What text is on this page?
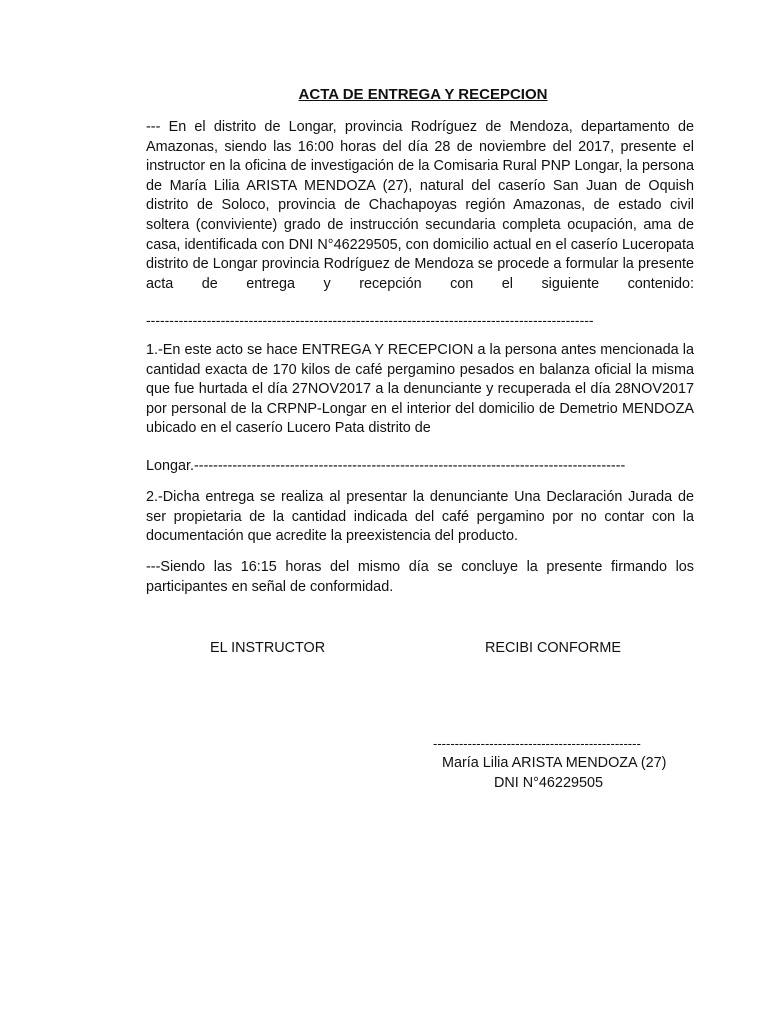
ACTA DE ENTREGA Y RECEPCION

--- En el distrito de Longar, provincia Rodríguez de Mendoza, departamento de Amazonas, siendo las 16:00 horas del día 28 de noviembre del 2017, presente el instructor en la oficina de investigación de la Comisaria Rural PNP Longar, la persona de María Lilia ARISTA MENDOZA (27), natural del caserío San Juan de Oquish distrito de Soloco, provincia de Chachapoyas región Amazonas, de estado civil soltera (conviviente) grado de instrucción secundaria completa ocupación, ama de casa, identificada con DNI N°46229505, con domicilio actual en el caserío Luceropata distrito de Longar provincia Rodríguez de Mendoza se procede a formular la presente acta de entrega y recepción con el siguiente contenido:

------------------------------------------------------------------------------------------------

1.-En este acto se hace ENTREGA Y RECEPCION a la persona antes mencionada la cantidad exacta de 170 kilos de café pergamino pesados en balanza oficial la misma que fue hurtada el día 27NOV2017 a la denunciante y recuperada el día 28NOV2017 por personal de la CRPNP-Longar en el interior del domicilio de Demetrio MENDOZA ubicado en el caserío Lucero Pata distrito de

Longar.------------------------------------------------------------------------------------------

2.-Dicha entrega se realiza al presentar la denunciante Una Declaración Jurada de ser propietaria de la cantidad indicada del café pergamino por no contar con la documentación que acredite la preexistencia del producto.

---Siendo las 16:15 horas del mismo día se concluye la presente firmando los participantes en señal de conformidad.

EL INSTRUCTOR	RECIBI CONFORME

------------------------------------------------

María Lilia ARISTA MENDOZA (27)

DNI N°46229505
